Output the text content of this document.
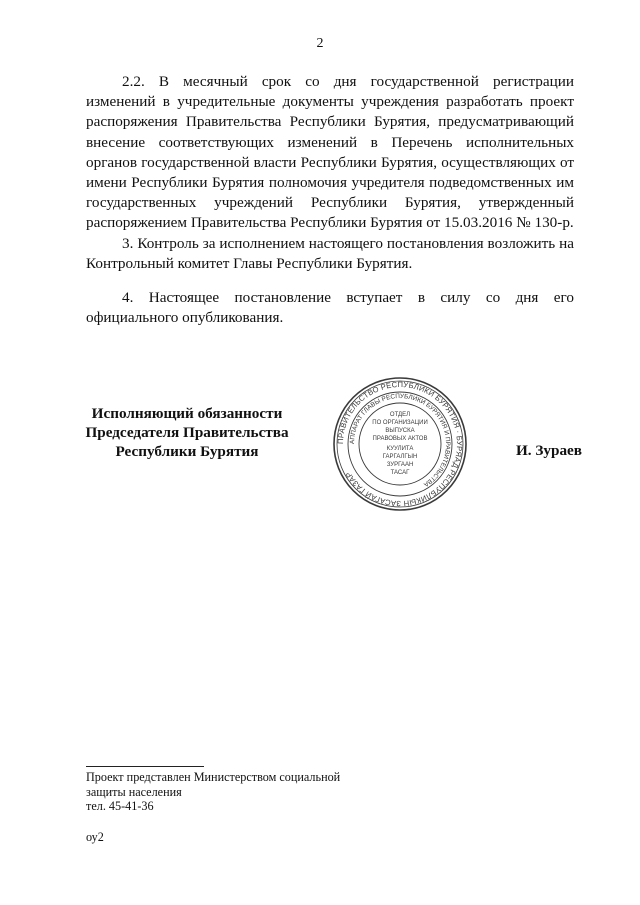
2

2.2. В месячный срок со дня государственной регистрации изменений в учредительные документы учреждения разработать проект распоряжения Правительства Республики Бурятия, предусматривающий внесение соответствующих изменений в Перечень исполнительных органов государственной власти Республики Бурятия, осуществляющих от имени Республики Бурятия полномочия учредителя подведомственных им государственных учреждений Республики Бурятия, утвержденный распоряжением Правительства Республики Бурятия от 15.03.2016 № 130-р.

3. Контроль за исполнением настоящего постановления возложить на Контрольный комитет Главы Республики Бурятия.

4. Настоящее постановление вступает в силу со дня его официального опубликования.

Исполняющий обязанности
Председателя Правительства
Республики Бурятия
ПРАВИТЕЛЬСТВО РЕСПУБЛИКИ БУРЯТИЯ · БУРЯАД РЕСПУБЛИКЫН ЗАСАГАЙ ГАЗАР
АППАРАТ ГЛАВЫ РЕСПУБЛИКИ БУРЯТИЯ И ПРАВИТЕЛЬСТВА
ОТДЕЛ
ПО ОРГАНИЗАЦИИ
ВЫПУСКА
ПРАВОВЫХ АКТОВ
КУУЛИТА
ГАРГАЛГЫН
ЗУРГААН
ТАСАГ
И. Зураев
Проект представлен Министерством социальной
защиты населения
тел. 45-41-36
оу2
